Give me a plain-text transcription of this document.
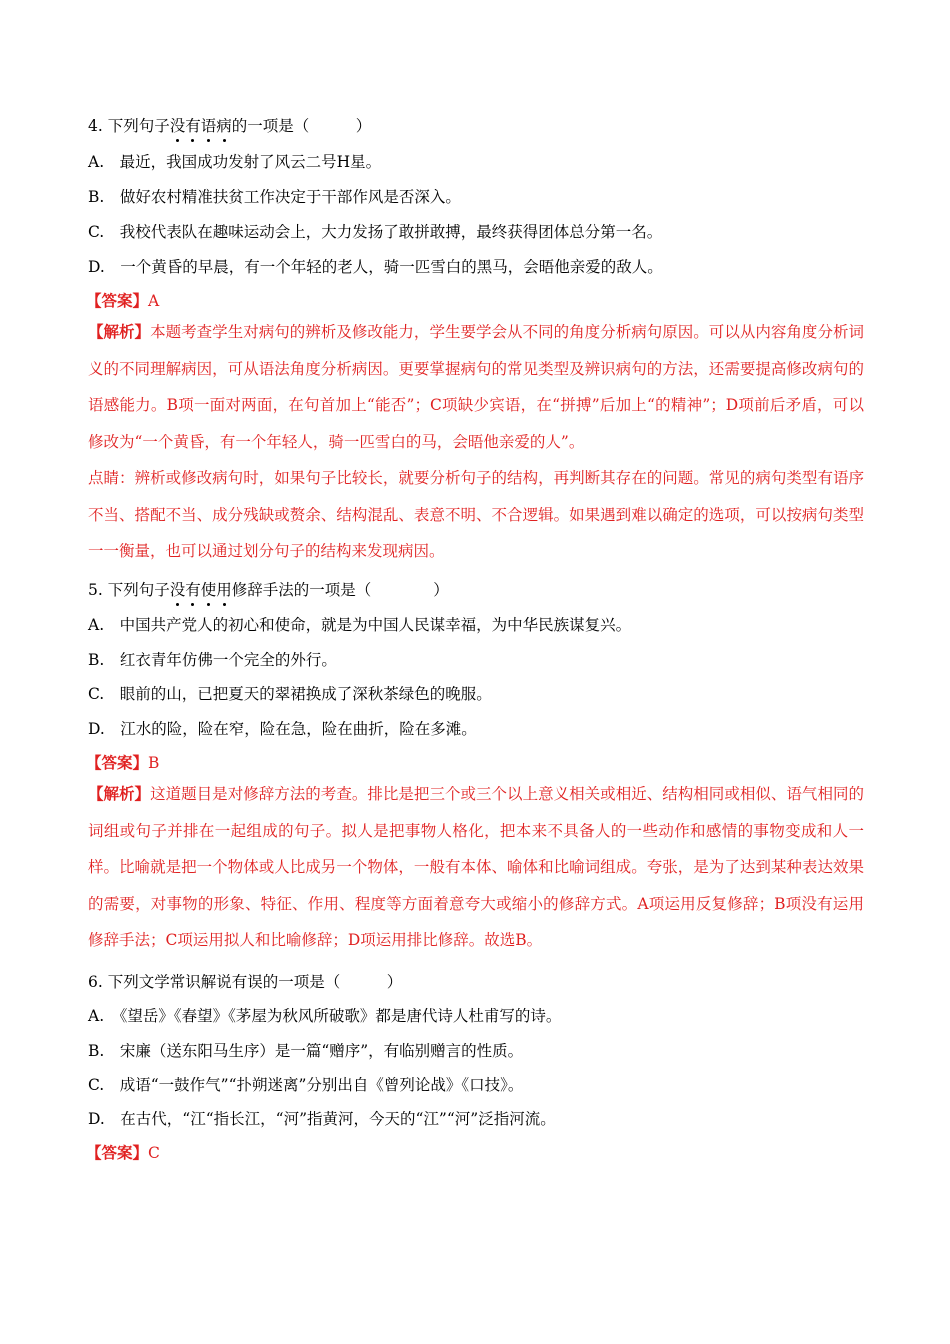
4. 下列句子没有语病的一项是（　　　）
A.　最近，我国成功发射了风云二号H星。
B.　做好农村精准扶贫工作决定于干部作风是否深入。
C.　我校代表队在趣味运动会上，大力发扬了敢拼敢搏，最终获得团体总分第一名。
D.　一个黄昏的早晨，有一个年轻的老人，骑一匹雪白的黑马，会晤他亲爱的敌人。
【答案】A
【解析】本题考查学生对病句的辨析及修改能力，学生要学会从不同的角度分析病句原因。可以从内容角度分析词义的不同理解病因，可从语法角度分析病因。更要掌握病句的常见类型及辨识病句的方法，还需要提高修改病句的语感能力。B项一面对两面，在句首加上“能否”；C项缺少宾语，在“拼搏”后加上“的精神”；D项前后矛盾，可以修改为“一个黄昏，有一个年轻人，骑一匹雪白的马，会晤他亲爱的人”。
点睛：辨析或修改病句时，如果句子比较长，就要分析句子的结构，再判断其存在的问题。常见的病句类型有语序不当、搭配不当、成分残缺或赘余、结构混乱、表意不明、不合逻辑。如果遇到难以确定的选项，可以按病句类型一一衡量，也可以通过划分句子的结构来发现病因。
5. 下列句子没有使用修辞手法的一项是（　　　　）
A.　中国共产党人的初心和使命，就是为中国人民谋幸福，为中华民族谋复兴。
B.　红衣青年仿佛一个完全的外行。
C.　眼前的山，已把夏天的翠裙换成了深秋茶绿色的晚服。
D.　江水的险，险在窄，险在急，险在曲折，险在多滩。
【答案】B
【解析】这道题目是对修辞方法的考查。排比是把三个或三个以上意义相关或相近、结构相同或相似、语气相同的词组或句子并排在一起组成的句子。拟人是把事物人格化，把本来不具备人的一些动作和感情的事物变成和人一样。比喻就是把一个物体或人比成另一个物体，一般有本体、喻体和比喻词组成。夸张，是为了达到某种表达效果的需要，对事物的形象、特征、作用、程度等方面着意夸大或缩小的修辞方式。A项运用反复修辞；B项没有运用修辞手法；C项运用拟人和比喻修辞；D项运用排比修辞。故选B。
6. 下列文学常识解说有误的一项是（　　　）
A.　《望岳》《春望》《茅屋为秋风所破歌》都是唐代诗人杜甫写的诗。
B.　宋廉（送东阳马生序）是一篇“赠序”，有临别赠言的性质。
C.　成语“一鼓作气”“扑朔迷离”分别出自《曾列论战》《口技》。
D.　在古代，“江“指长江，“河”指黄河，今天的“江”“河”泛指河流。
【答案】C
